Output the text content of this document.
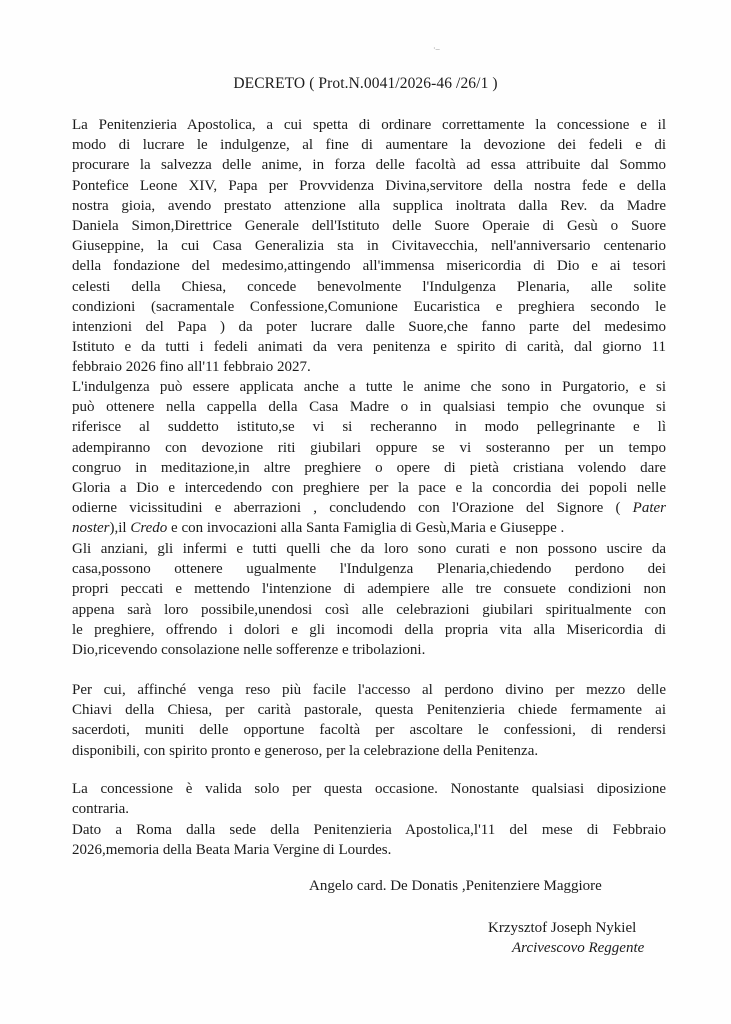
·–
DECRETO ( Prot.N.0041/2026-46 /26/1 )
La Penitenzieria Apostolica, a cui spetta di ordinare correttamente la concessione e il
modo di lucrare le indulgenze, al fine di aumentare la devozione dei fedeli e di
procurare la salvezza delle anime, in forza delle facoltà ad essa attribuite dal Sommo
Pontefice Leone XIV, Papa per Provvidenza Divina,servitore della nostra fede e della
nostra gioia, avendo prestato attenzione alla supplica inoltrata dalla Rev. da Madre
Daniela Simon,Direttrice Generale dell'Istituto delle Suore Operaie di Gesù o Suore
Giuseppine, la cui Casa Generalizia sta in Civitavecchia, nell'anniversario centenario
della fondazione del medesimo,attingendo all'immensa misericordia di Dio e ai tesori
celesti della Chiesa, concede benevolmente l'Indulgenza Plenaria, alle solite
condizioni (sacramentale Confessione,Comunione Eucaristica e preghiera secondo le
intenzioni del Papa ) da poter lucrare dalle Suore,che fanno parte del medesimo
Istituto e da tutti i fedeli animati da vera penitenza e spirito di carità, dal giorno 11
febbraio 2026 fino all'11 febbraio 2027.
L'indulgenza può essere applicata anche a tutte le anime che sono in Purgatorio, e si
può ottenere nella cappella della Casa Madre o in qualsiasi tempio che ovunque si
riferisce al suddetto istituto,se vi si recheranno in modo pellegrinante e lì
adempiranno con devozione riti giubilari oppure se vi sosteranno per un tempo
congruo in meditazione,in altre preghiere o opere di pietà cristiana volendo dare
Gloria a Dio e intercedendo con preghiere per la pace e la concordia dei popoli nelle
odierne vicissitudini e aberrazioni , concludendo con l'Orazione del Signore ( Pater
noster),il Credo e con invocazioni alla Santa Famiglia di Gesù,Maria e Giuseppe .
Gli anziani, gli infermi e tutti quelli che da loro sono curati e non possono uscire da
casa,possono ottenere ugualmente l'Indulgenza Plenaria,chiedendo perdono dei
propri peccati e mettendo l'intenzione di adempiere alle tre consuete condizioni non
appena sarà loro possibile,unendosi così alle celebrazioni giubilari spiritualmente con
le preghiere, offrendo i dolori e gli incomodi della propria vita alla Misericordia di
Dio,ricevendo consolazione nelle sofferenze e tribolazioni.
Per cui, affinché venga reso più facile l'accesso al perdono divino per mezzo delle
Chiavi della Chiesa, per carità pastorale, questa Penitenzieria chiede fermamente ai
sacerdoti, muniti delle opportune facoltà per ascoltare le confessioni, di rendersi
disponibili, con spirito pronto e generoso, per la celebrazione della Penitenza.
La concessione è valida solo per questa occasione. Nonostante qualsiasi diposizione
contraria.
Dato a Roma dalla sede della Penitenzieria Apostolica,l'11 del mese di Febbraio
2026,memoria della Beata Maria Vergine di Lourdes.
Angelo card. De Donatis ,Penitenziere Maggiore
Krzysztof Joseph Nykiel
Arcivescovo Reggente
